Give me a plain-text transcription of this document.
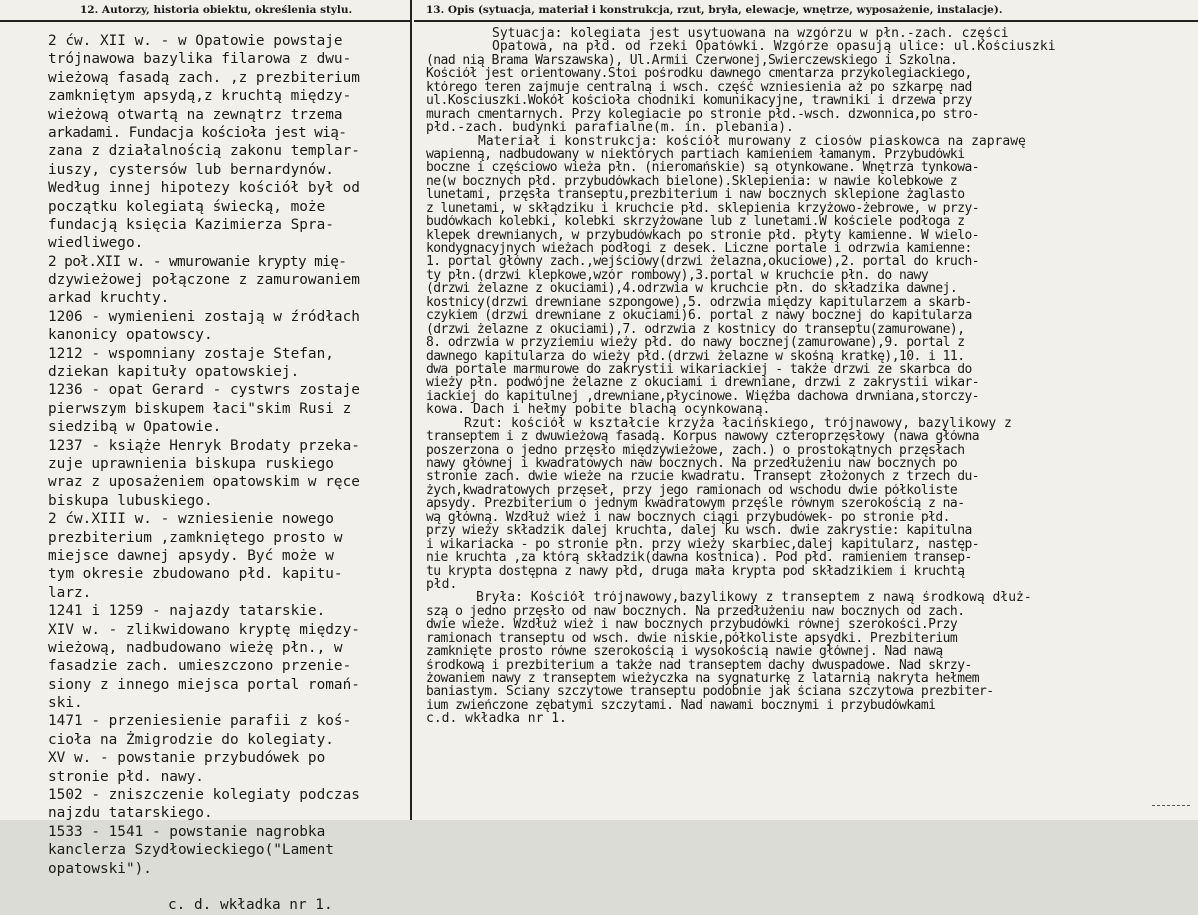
12. Autorzy, historia obiektu, określenia stylu.
2 ćw. XII w. - w Opatowie powstaje
trójnawowa bazylika filarowa z dwu-
wieżową fasadą zach. ,z prezbiterium
zamkniętym apsydą,z kruchtą między-
wieżową otwartą na zewnątrz trzema
arkadami. Fundacja kościoła jest wią-
zana z działalnością zakonu templar-
iuszy, cystersów lub bernardynów.
Według innej hipotezy kościół był od
początku kolegiatą świecką, może
fundacją księcia Kazimierza Spra-
wiedliwego.
2 poł.XII w. - wmurowanie krypty mię-
dzywieżowej połączone z zamurowaniem
arkad kruchty.
1206 - wymienieni zostają w źródłach
kanonicy opatowscy.
1212 - wspomniany zostaje Stefan,
dziekan kapituły opatowskiej.
1236 - opat Gerard - cystwrs zostaje
pierwszym biskupem łaci"skim Rusi z
siedzibą w Opatowie.
1237 - książe Henryk Brodaty przeka-
zuje uprawnienia biskupa ruskiego
wraz z uposażeniem opatowskim w ręce
biskupa lubuskiego.
2 ćw.XIII w. - wzniesienie nowego
prezbiterium ,zamkniętego prosto w
miejsce dawnej apsydy. Być może w
tym okresie zbudowano płd. kapitu-
larz.
1241 i 1259 - najazdy tatarskie.
XIV w. - zlikwidowano kryptę między-
wieżową, nadbudowano wieżę płn., w
fasadzie zach. umieszczono przenie-
siony z innego miejsca portal romań-
ski.
1471 - przeniesienie parafii z koś-
cioła na Żmigrodzie do kolegiaty.
XV w. - powstanie przybudówek po
stronie płd. nawy.
1502 - zniszczenie kolegiaty podczas
najzdu tatarskiego.
1533 - 1541 - powstanie nagrobka
kanclerza Szydłowieckiego("Lament
opatowski").
c. d. wkładka nr 1.
13. Opis (sytuacja, materiał i konstrukcja, rzut, bryła, elewacje, wnętrze, wyposażenie, instalacje).
Sytuacja: kolegiata jest usytuowana na wzgórzu w płn.-zach. części
Opatowa, na płd. od rzeki Opatówki. Wzgórze opasują ulice: ul.Kościuszki
(nad nią Brama Warszawska), Ul.Armii Czerwonej,Swierczewskiego i Szkolna.
Kościół jest orientowany.Stoi pośrodku dawnego cmentarza przykolegiackiego,
którego teren zajmuje centralną i wsch. część wzniesienia aż po szkarpę nad
ul.Kosciuszki.Wokół kościoła chodniki komunikacyjne, trawniki i drzewa przy
murach cmentarnych. Przy kolegiacie po stronie płd.-wsch. dzwonnica,po stro-
płd.-zach. budynki parafialne(m. in. plebania).
Materiał i konstrukcja: kościół murowany z ciosów piaskowca na zaprawę
wapienną, nadbudowany w niektórych partiach kamieniem łamanym. Przybudówki
boczne i częściowo wieża płn. (nieromańskie) są otynkowane. Wnętrza tynkowa-
ne(w bocznych płd. przybudówkach bielone).Sklepienia: w nawie kolebkowe z
lunetami, przęsła transeptu,prezbiterium i naw bocznych sklepione żaglasto
z lunetami, w skłądziku i kruchcie płd. sklepienia krzyżowo-żebrowe, w przy-
budówkach kolebki, kolebki skrzyżowane lub z lunetami.W kościele podłoga z
klepek drewnianych, w przybudówkach po stronie płd. płyty kamienne. W wielo-
kondygnacyjnych wieżach podłogi z desek. Liczne portale i odrzwia kamienne:
1. portal główny zach.,wejściowy(drzwi żelazna,okuciowe),2. portal do kruch-
ty płn.(drzwi klepkowe,wzór rombowy),3.portal w kruchcie płn. do nawy
(drzwi żelazne z okuciami),4.odrzwia w kruchcie płn. do składzika dawnej.
kostnicy(drzwi drewniane szpongowe),5. odrzwia między kapitularzem a skarb-
czykiem (drzwi drewniane z okuciami)6. portal z nawy bocznej do kapitularza
(drzwi żelazne z okuciami),7. odrzwia z kostnicy do transeptu(zamurowane),
8. odrzwia w przyziemiu wieży płd. do nawy bocznej(zamurowane),9. portal z
dawnego kapitularza do wieży płd.(drzwi żelazne w skośną kratkę),10. i 11.
dwa portale marmurowe do zakrystii wikariackiej - także drzwi ze skarbca do
wieży płn. podwójne żelazne z okuciami i drewniane, drzwi z zakrystii wikar-
iackiej do kapitulnej ,drewniane,płycinowe. Więźba dachowa drwniana,storczy-
kowa. Dach i hełmy pobite blachą ocynkowaną.
Rzut: kościół w kształcie krzyża łacińskiego, trójnawowy, bazylikowy z
transeptem i z dwuwieżową fasadą. Korpus nawowy czteroprzęsłowy (nawa główna
poszerzona o jedno przęsło międzywieżowe, zach.) o prostokątnych przęsłach
nawy głównej i kwadratowych naw bocznych. Na przedłużeniu naw bocznych po
stronie zach. dwie wieże na rzucie kwadratu. Transept złożonych z trzech du-
żych,kwadratowych przęseł, przy jego ramionach od wschodu dwie półkoliste
apsydy. Prezbiterium o jednym kwadratowym przęśle równym szerokością z na-
wą główną. Wzdłuż wież i naw bocznych ciągi przybudówek- po stronie płd.
przy wieży składzik dalej kruchta, dalej ku wsch. dwie zakrystie: kapitulna
i wikariacka - po stronie płn. przy wieży skarbiec,dalej kapitularz, następ-
nie kruchta ,za którą składzik(dawna kostnica). Pod płd. ramieniem transep-
tu krypta dostępna z nawy płd, druga mała krypta pod składzikiem i kruchtą
płd.
Bryła: Kościół trójnawowy,bazylikowy z transeptem z nawą środkową dłuż-
szą o jedno przęsło od naw bocznych. Na przedłużeniu naw bocznych od zach.
dwie wieże. Wzdłuż wież i naw bocznych przybudówki równej szerokości.Przy
ramionach transeptu od wsch. dwie niskie,półkoliste apsydki. Prezbiterium
zamknięte prosto równe szerokością i wysokością nawie głównej. Nad nawą
środkową i prezbiterium a także nad transeptem dachy dwuspadowe. Nad skrzy-
żowaniem nawy z transeptem wieżyczka na sygnaturkę z latarnią nakryta hełmem
baniastym. Sciany szczytowe transeptu podobnie jak ściana szczytowa prezbiter-
ium zwieńczone zębatymi szczytami. Nad nawami bocznymi i przybudówkami
c.d. wkładka nr 1.
